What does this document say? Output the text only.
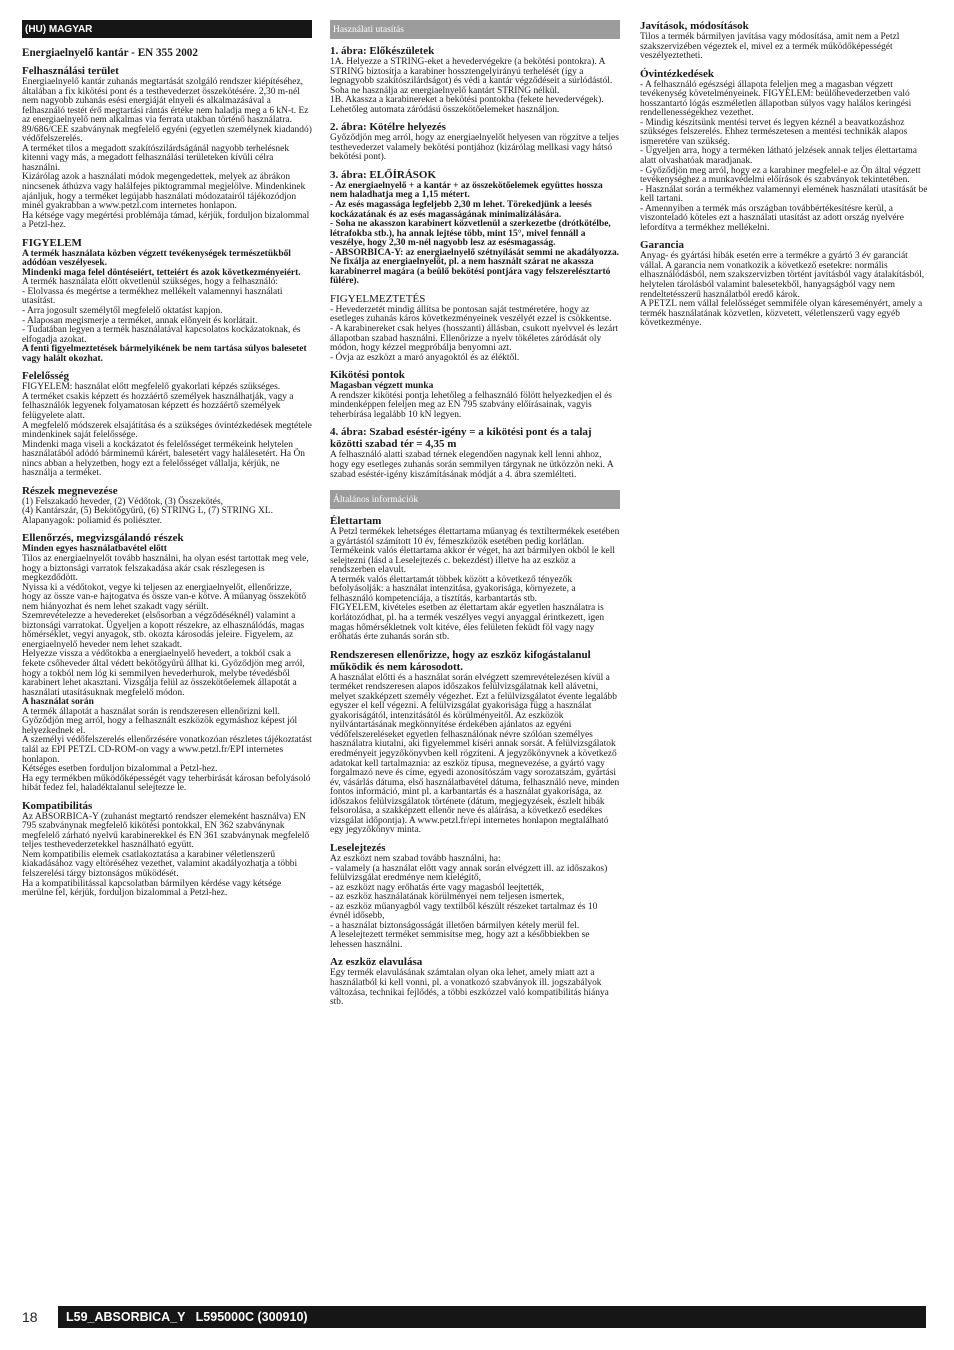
(HU) MAGYAR
Energiaelnyelő kantár - EN 355 2002
Felhasználási terület

Energiaelnyelő kantár zuhanás megtartását szolgáló rendszer kiépítéséhez, általában a fix kikötési pont és a testhevederzet összekötésére. 2,30 m-nél nem nagyobb zuhanás esési energiáját elnyeli és alkalmazásával a felhasználó testét érő megtartási rántás értéke nem haladja meg a 6 kN-t. Ez az energiaelnyelő nem alkalmas via ferrata utakban történő használatra.
89/686/CEE szabványnak megfelelő egyéni (egyetlen személynek kiadandó) védőfelszerelés.
A terméket tilos a megadott szakítószilárdságánál nagyobb terhelésnek kitenni vagy más, a megadott felhasználási területeken kívüli célra használni.
Kizárólag azok a használati módok megengedettek, melyek az ábrákon nincsenek áthúzva vagy halálfejes piktogrammal megjelölve. Mindenkinek ajánljuk, hogy a terméket legújabb használati módozatairól tájékozódjon minél gyakrabban a www.petzl.com internetes honlapon.
Ha kétsége vagy megértési problémája támad, kérjük, forduljon bizalommal a Petzl-hez.

FIGYELEM

A termék használata közben végzett tevékenységek természetükből adódóan veszélyesek.
Mindenki maga felel döntéseiért, tetteiért és azok következményeiért.

A termék használata előtt okvetlenül szükséges, hogy a felhasználó:
- Elolvassa és megértse a termékhez mellékelt valamennyi használati utasítást.
- Arra jogosult személytől megfelelő oktatást kapjon.
- Alaposan megismerje a terméket, annak előnyeit és korlátait.
- Tudatában legyen a termék használatával kapcsolatos kockázatoknak, és elfogadja azokat.

A fenti figyelmeztetések bármelyikének be nem tartása súlyos balesetet vagy halált okozhat.

Felelősség

FIGYELEM: használat előtt megfelelő gyakorlati képzés szükséges.
A terméket csakis képzett és hozzáértő személyek használhatják, vagy a felhasználók legyenek folyamatosan képzett és hozzáértő személyek felügyelete alatt.
A megfelelő módszerek elsajátítása és a szükséges óvintézkedések megtétele mindenkinek saját felelőssége.
Mindenki maga viseli a kockázatot és felelősséget termékeink helytelen használatából adódó bárminemű kárért, balesetért vagy halálesetért. Ha Ön nincs abban a helyzetben, hogy ezt a felelősséget vállalja, kérjük, ne használja a terméket.

Részek megnevezése

(1) Felszakadó heveder, (2) Védőtok, (3) Összekötés,
(4) Kantárszár, (5) Bekötőgyűrű, (6) STRING L, (7) STRING XL.
Alapanyagok: poliamid és poliészter.

Ellenőrzés, megvizsgálandó részek

Minden egyes használatbavétel előtt

Tilos az energiaelnyelőt tovább használni, ha olyan esést tartottak meg vele, hogy a biztonsági varratok felszakadása akár csak részlegesen is megkezdődött.
Nyissa ki a védőtokot, vegye ki teljesen az energiaelnyelőt, ellenőrizze, hogy az össze van-e hajtogatva és össze van-e kötve. A műanyag összekötő nem hiányozhat és nem lehet szakadt vagy sérült.
Szemrevételezze a hevedereket (elsősorban a végződéséknél) valamint a biztonsági varratokat. Ügyeljen a kopott részekre, az elhasználódás, magas hőmérséklet, vegyi anyagok, stb. okozta károsodás jeleire. Figyelem, az energiaelnyelő heveder nem lehet szakadt.
Helyezze vissza a védőtokba a energiaelnyelő hevedert, a tokból csak a fekete csőheveder által védett bekötőgyűrű állhat ki. Győződjön meg arról, hogy a tokból nem lóg ki semmilyen hevederhurok, melybe tévedésből karabinert lehet akasztani. Vizsgálja felül az összekötőelemek állapotát a használati utasításuknak megfelelő módon.

A használat során

A termék állapotát a használat során is rendszeresen ellenőrizni kell. Győződjön meg arról, hogy a felhasznált eszközök egymáshoz képest jól helyezkednek el.
A személyi védőfelszerelés ellenőrzésére vonatkozóan részletes tájékoztatást talál az EPI PETZL CD-ROM-on vagy a www.petzl.fr/EPI internetes honlapon.
Kétséges esetben forduljon bizalommal a Petzl-hez.
Ha egy termékben működőképességét vagy teherbírását károsan befolyásoló hibát fedez fel, haladéktalanul selejtezze le.

Kompatibilitás

Az ABSORBICA-Y (zuhanást megtartó rendszer elemeként használva) EN 795 szabványnak megfelelő kikötési pontokkal, EN 362 szabványnak megfelelő zárható nyelvű karabinerekkel és EN 361 szabványnak megfelelő teljes testhevederzetekkel használható együtt.
Nem kompatibilis elemek csatlakoztatása a karabiner véletlenszerű kiakadásához vagy eltöréséhez vezethet, valamint akadályozhatja a többi felszerelési tárgy biztonságos működését.
Ha a kompatibilitással kapcsolatban bármilyen kérdése vagy kétsége merülne fel, kérjük, forduljon bizalommal a Petzl-hez.

Használati utasítás
1. ábra: Előkészületek

1A. Helyezze a STRING-eket a hevedervégekre (a bekötési pontokra). A STRING biztosítja a karabiner hossztengelyirányú terhelését (így a legnagyobb szakítószilárdságot) és védi a kantár végződéseit a súrlódástól. Soha ne használja az energiaelnyelő kantárt STRING nélkül.
1B. Akassza a karabinereket a bekötési pontokba (fekete hevedervégek). Lehetőleg automata záródású összekötőelemeket használjon.

2. ábra: Kötélre helyezés

Győződjön meg arról, hogy az energiaelnyelőt helyesen van rögzítve a teljes testhevederzet valamely bekötési pontjához (kizárólag mellkasi vagy hátsó bekötési pont).

3. ábra: ELŐÍRÁSOK

- Az energiaelnyelő + a kantár + az összekötőelemek együttes hossza nem haladhatja meg a 1,15 métert.
- Az esés magassága legfeljebb 2,30 m lehet. Törekedjünk a leesés kockázatának és az esés magasságának minimalizálására.
- Soha ne akasszon karabinert közvetlenül a szerkezetbe (drótkötélbe, létrafokba stb.), ha annak lejtése több, mint 15°, mivel fennáll a veszélye, hogy 2,30 m-nél nagyobb lesz az esésmagasság.
- ABSORBICA-Y: az energiaelnyelő szétnyílását semmi ne akadályozza. Ne fixálja az energiaelnyelőt, pl. a nem használt szárat ne akassza karabinerrel magára (a beülő bekötési pontjára vagy felszerelésztartó fülére).

FIGYELMEZTETÉS

- Hevederzetét mindig állítsa be pontosan saját testméretére, hogy az esetleges zuhanás káros következményeinek veszélyét ezzel is csökkentse.
- A karabinereket csak helyes (hosszanti) állásban, csukott nyelvvel és lezárt állapotban szabad használni. Ellenőrizze a nyelv tökéletes záródását oly módon, hogy kézzel megpróbálja benyomni azt.
- Óvja az eszközt a maró anyagoktól és az éléktől.

Kikötési pontok

Magasban végzett munka

A rendszer kikötési pontja lehetőleg a felhasználó fölött helyezkedjen el és mindenképpen feleljen meg az EN 795 szabvány előírásainak, vagyis teherbírása legalább 10 kN legyen.

4. ábra: Szabad eséstér-igény = a kikötési pont és a talaj közötti szabad tér = 4,35 m

A felhasználó alatti szabad térnek elegendően nagynak kell lenni ahhoz, hogy egy esetleges zuhanás során semmilyen tárgynak ne ütközzön neki. A szabad eséstér-igény kiszámításának módját a 4. ábra szemlélteti.

Általános információk
Élettartam

A Petzl termékek lehetséges élettartama műanyag és textiltermékek esetében a gyártástól számított 10 év, fémeszközök esetében pedig korlátlan.
Termékeink valós élettartama akkor ér véget, ha azt bármilyen okból le kell selejtezni (lásd a Leselejtezés c. bekezdést) illetve ha az eszköz a rendszerben elavult.
A termék valós élettartamát többek között a következő tényezők befolyásolják: a használat intenzitása, gyakorisága, környezete, a felhasználó kompetenciája, a tisztítás, karbantartás stb.
FIGYELEM, kivételes esetben az élettartam akár egyetlen használatra is korlátozódhat, pl. ha a termék veszélyes vegyi anyaggal érintkezett, igen magas hőmérsékletnek volt kitéve, éles felületen feküdt föl vagy nagy erőhatás érte zuhanás során stb.

Rendszeresen ellenőrizze, hogy az eszköz kifogástalanul működik és nem károsodott.

A használat előtti és a használat során elvégzett szemrevételezésen kívül a terméket rendszeresen alapos időszakos felülvizsgálatnak kell alávetni, melyet szakképzett személy végezhet. Ezt a felülvizsgálatot évente legalább egyszer el kell végezni. A felülvizsgálat gyakorisága függ a használat gyakoriságától, intenzitásától és körülményeitől. Az eszközök nyilvántartásának megkönnyítése érdekében ajánlatos az egyéni védőfelszereléseket egyetlen felhasználónak névre szólóan személyes használatra kiutalni, aki figyelemmel kíséri annak sorsát. A felülvizsgálatok eredményeit jegyzőkönyvben kell rögzíteni. A jegyzőkönyvnek a következő adatokat kell tartalmaznia: az eszköz típusa, megnevezése, a gyártó vagy forgalmazó neve és címe, egyedi azonosítószám vagy sorozatszám, gyártási év, vásárlás dátuma, első használatbavétel dátuma, felhasználó neve, minden fontos információ, mint pl. a karbantartás és a használat gyakorisága, az időszakos felülvizsgálatok története (dátum, megjegyzések, észlelt hibák felsorolása, a szakképzett ellenőr neve és aláírása, a következő esedékes vizsgálat időpontja). A www.petzl.fr/epi internetes honlapon megtalálható egy jegyzőkönyv minta.

Leselejtezés

Az eszközt nem szabad tovább használni, ha:
- valamely (a használat előtt vagy annak során elvégzett ill. az időszakos) felülvizsgálat eredménye nem kielégítő,
- az eszközt nagy erőhatás érte vagy magasból leejtették,
- az eszköz használatának körülményei nem teljesen ismertek,
- az eszköz műanyagból vagy textilből készült részeket tartalmaz és 10 évnél idősebb,
- a használat biztonságosságát illetően bármilyen kétely merül fel.
A leselejtezett terméket semmisítse meg, hogy azt a későbbiekben se lehessen használni.

Az eszköz elavulása

Egy termék elavulásának számtalan olyan oka lehet, amely miatt azt a használatból ki kell vonni, pl. a vonatkozó szabványok ill. jogszabályok változása, technikai fejlődés, a többi eszközzel való kompatibilitás hiánya stb.

Javítások, módosítások

Tilos a termék bármilyen javítása vagy módosítása, amit nem a Petzl szakszervizében végeztek el, mivel ez a termék működőképességét veszélyeztetheti.

Óvintézkedések

- A felhasználó egészségi állapota feleljen meg a magasban végzett tevékenység követelményeinek. FIGYELEM: beülőhevederzetben való hosszantartó lógás eszméletlen állapotban súlyos vagy halálos keringési rendellenességekhez vezethet.
- Mindig készítsünk mentési tervet és legyen kéznél a beavatkozáshoz szükséges felszerelés. Ehhez természetesen a mentési technikák alapos ismeretére van szükség.
- Ügyeljen arra, hogy a terméken látható jelzések annak teljes élettartama alatt olvashatóak maradjanak.
- Győződjön meg arról, hogy ez a karabiner megfelel-e az Ön által végzett tevékenységhez a munkavédelmi előírások és szabványok tekintetében.
- Használat során a termékhez valamennyi elemének használati utasítását be kell tartani.
- Amennyiben a termék más országban továbbértékesítésre kerül, a viszonteladó köteles ezt a használati utasítást az adott ország nyelvére lefordítva a termékhez mellékelni.

Garancia

Anyag- és gyártási hibák esetén erre a termékre a gyártó 3 év garanciát vállal. A garancia nem vonatkozik a következő esetekre: normális elhasználódásból, nem szakszervizben történt javításból vagy átalakításból, helytelen tárolásból valamint balesetekből, hanyagságból vagy nem rendeltetésszerű használatból eredő károk.
A PETZL nem vállal felelősséget semmiféle olyan káreseményért, amely a termék használatának közvetlen, közvetett, véletlenszerű vagy egyéb következménye.

18	L59_ABSORBICA_Y   L595000C (300910)
